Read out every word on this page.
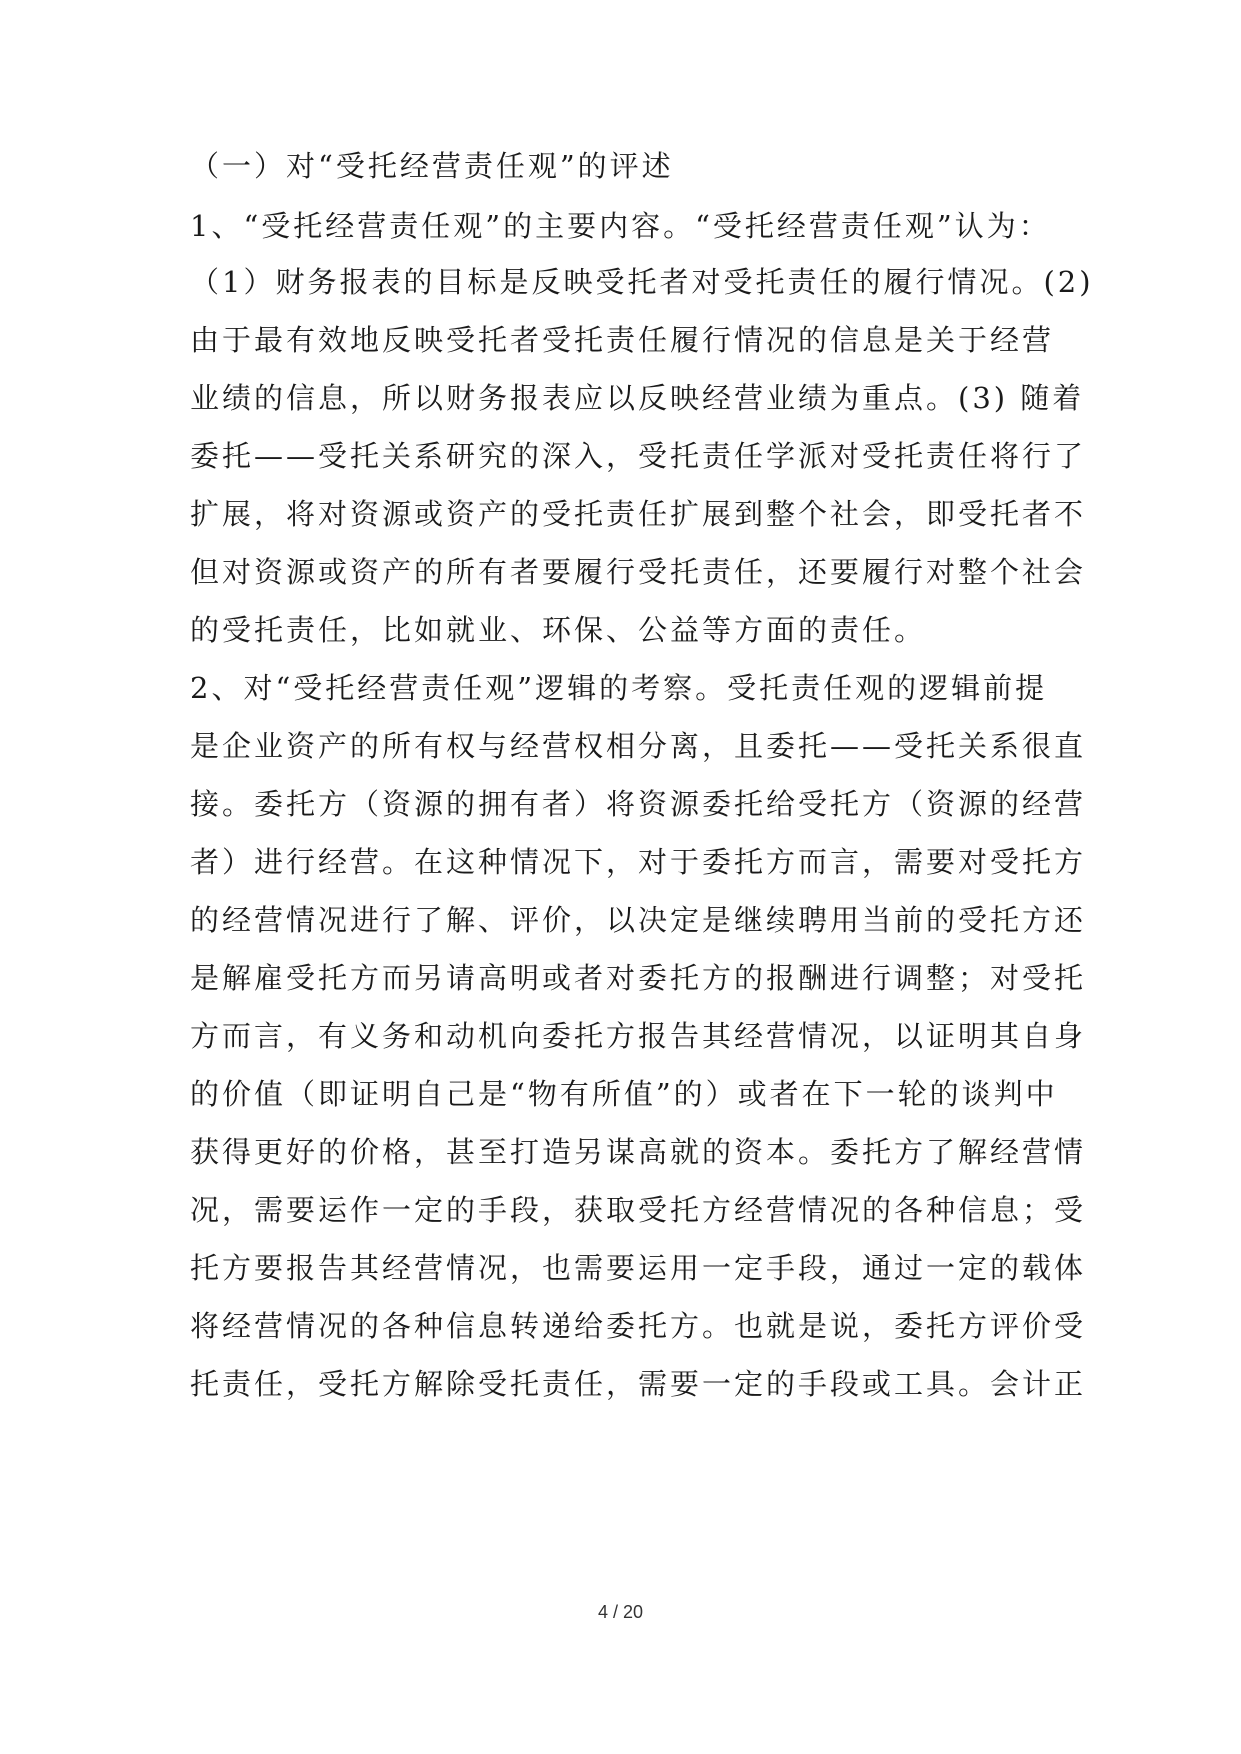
（一）对“受托经营责任观”的评述
1、“受托经营责任观”的主要内容。“受托经营责任观”认为：
（1）财务报表的目标是反映受托者对受托责任的履行情况。(2)
由于最有效地反映受托者受托责任履行情况的信息是关于经营
业绩的信息，所以财务报表应以反映经营业绩为重点。(3) 随着
委托——受托关系研究的深入，受托责任学派对受托责任将行了
扩展，将对资源或资产的受托责任扩展到整个社会，即受托者不
但对资源或资产的所有者要履行受托责任，还要履行对整个社会
的受托责任，比如就业、环保、公益等方面的责任。
2、对“受托经营责任观”逻辑的考察。受托责任观的逻辑前提
是企业资产的所有权与经营权相分离，且委托——受托关系很直
接。委托方（资源的拥有者）将资源委托给受托方（资源的经营
者）进行经营。在这种情况下，对于委托方而言，需要对受托方
的经营情况进行了解、评价，以决定是继续聘用当前的受托方还
是解雇受托方而另请高明或者对委托方的报酬进行调整；对受托
方而言，有义务和动机向委托方报告其经营情况，以证明其自身
的价值（即证明自己是“物有所值”的）或者在下一轮的谈判中
获得更好的价格，甚至打造另谋高就的资本。委托方了解经营情
况，需要运作一定的手段，获取受托方经营情况的各种信息；受
托方要报告其经营情况，也需要运用一定手段，通过一定的载体
将经营情况的各种信息转递给委托方。也就是说，委托方评价受
托责任，受托方解除受托责任，需要一定的手段或工具。会计正
4 / 20
